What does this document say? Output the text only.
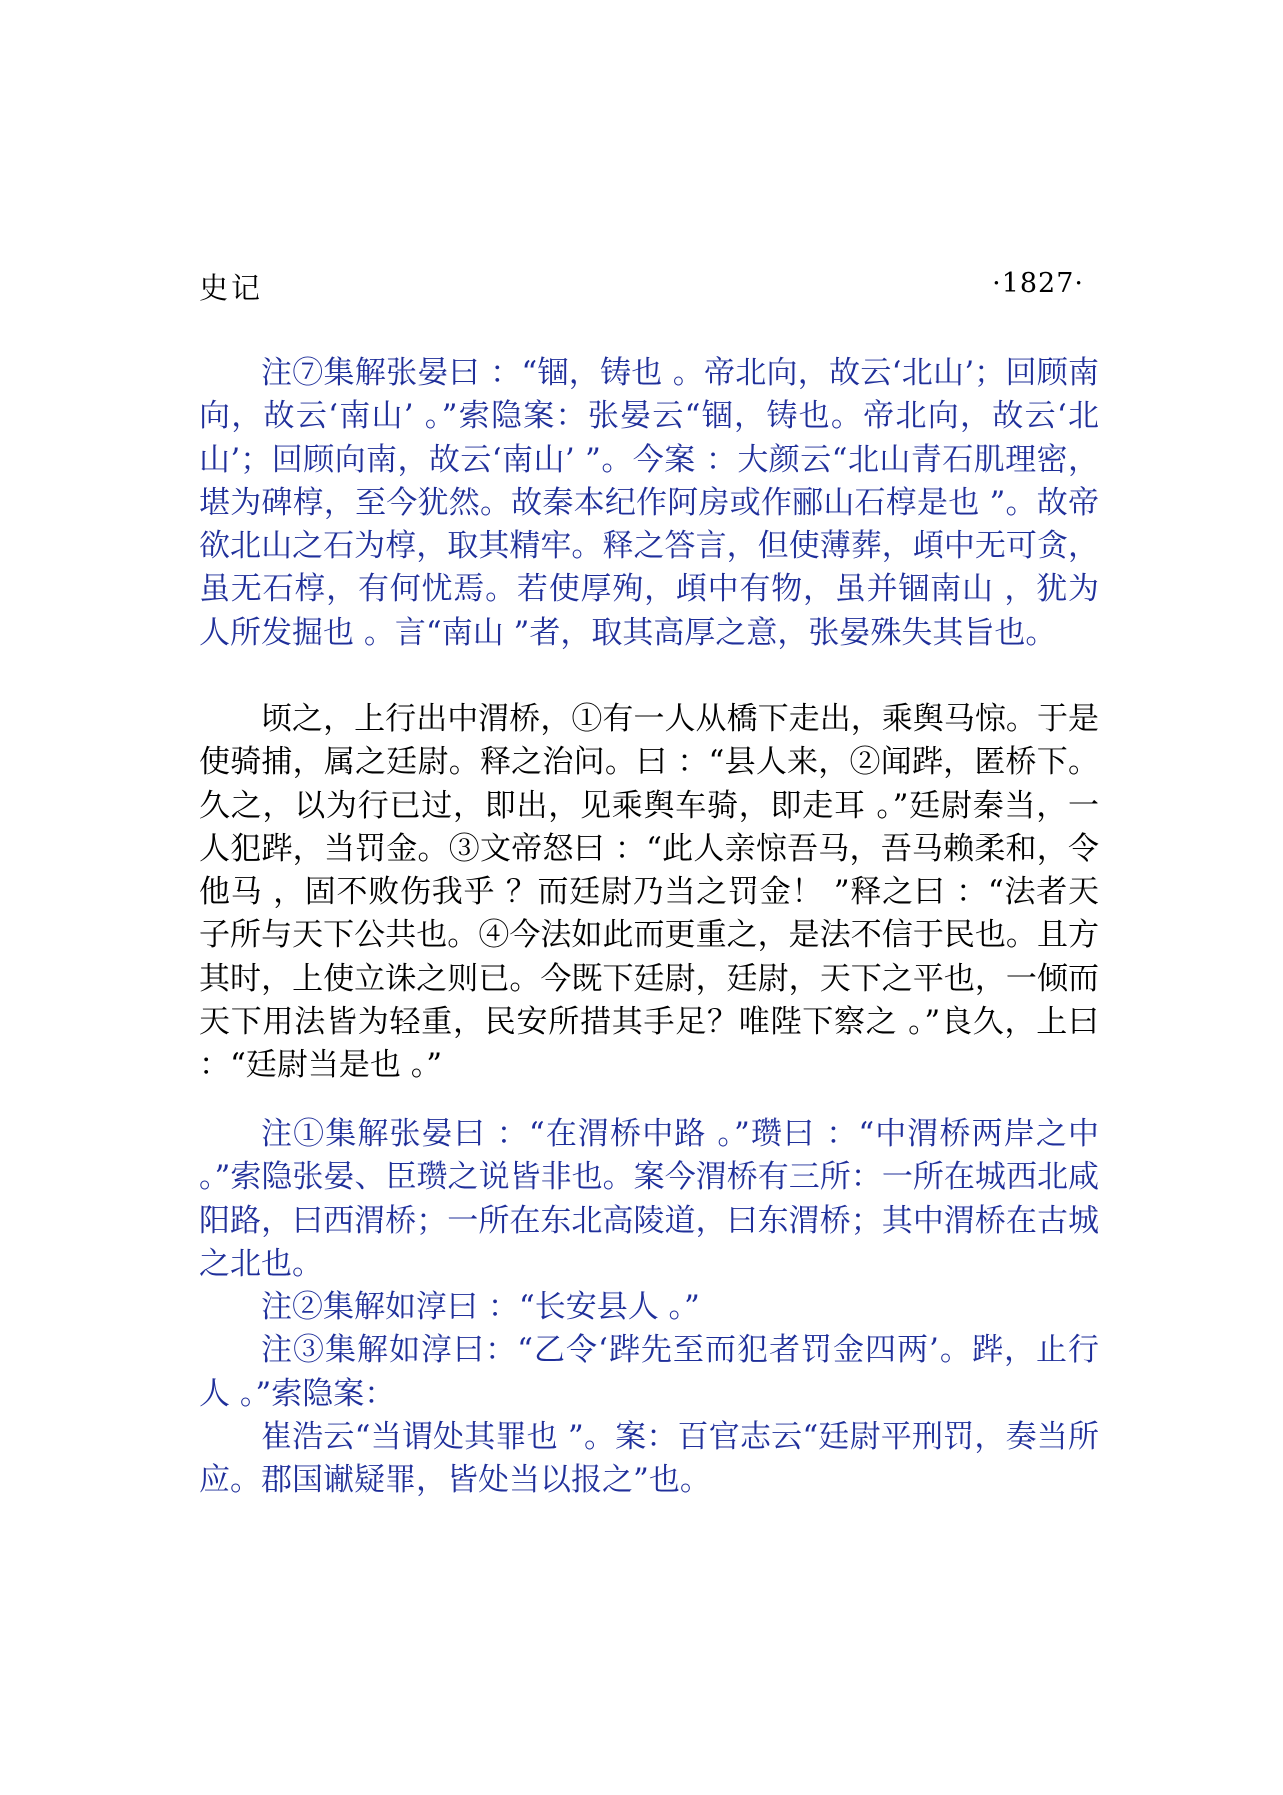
史记	·1827·

注⑦集解张晏曰 ：“锢，铸也 。帝北向，故云‘北山’；回顾南向，故云‘南山’ 。”索隐案：张晏云“锢，铸也。帝北向，故云‘北山’；回顾向南，故云‘南山’ ”。今案 ：大颜云“北山青石肌理密，堪为碑椁，至今犹然。故秦本纪作阿房或作郦山石椁是也 ”。故帝欲北山之石为椁，取其精牢。释之答言，但使薄葬，頉中无可贪，虽无石椁，有何忧焉。若使厚殉，頉中有物，虽并锢南山 ，犹为人所发掘也 。言“南山 ”者，取其高厚之意，张晏殊失其旨也。

顷之，上行出中渭桥，①有一人从橋下走出，乘舆马惊。于是使骑捕，属之廷尉。释之治问。曰 ：“县人来，②闻跸，匿桥下。久之，以为行已过，即出，见乘舆车骑，即走耳 。”廷尉秦当，一人犯跸，当罚金。③文帝怒曰 ：“此人亲惊吾马，吾马赖柔和，令他马 ，固不败伤我乎 ？而廷尉乃当之罚金！ ”释之曰 ：“法者天子所与天下公共也。④今法如此而更重之，是法不信于民也。且方其时，上使立诛之则已。今既下廷尉，廷尉，天下之平也，一倾而天下用法皆为轻重，民安所措其手足？唯陛下察之 。”良久，上曰 ：“廷尉当是也 。”

注①集解张晏曰 ：“在渭桥中路 。”瓒曰 ：“中渭桥两岸之中 。”索隐张晏、臣瓒之说皆非也。案今渭桥有三所：一所在城西北咸阳路，曰西渭桥；一所在东北高陵道，曰东渭桥；其中渭桥在古城之北也。

注②集解如淳曰 ：“长安县人 。”

注③集解如淳曰：“乙令‘跸先至而犯者罚金四两’。跸，止行人 。”索隐案：

崔浩云“当谓处其罪也 ”。案：百官志云“廷尉平刑罚，奏当所应。郡国谳疑罪，皆处当以报之”也。
